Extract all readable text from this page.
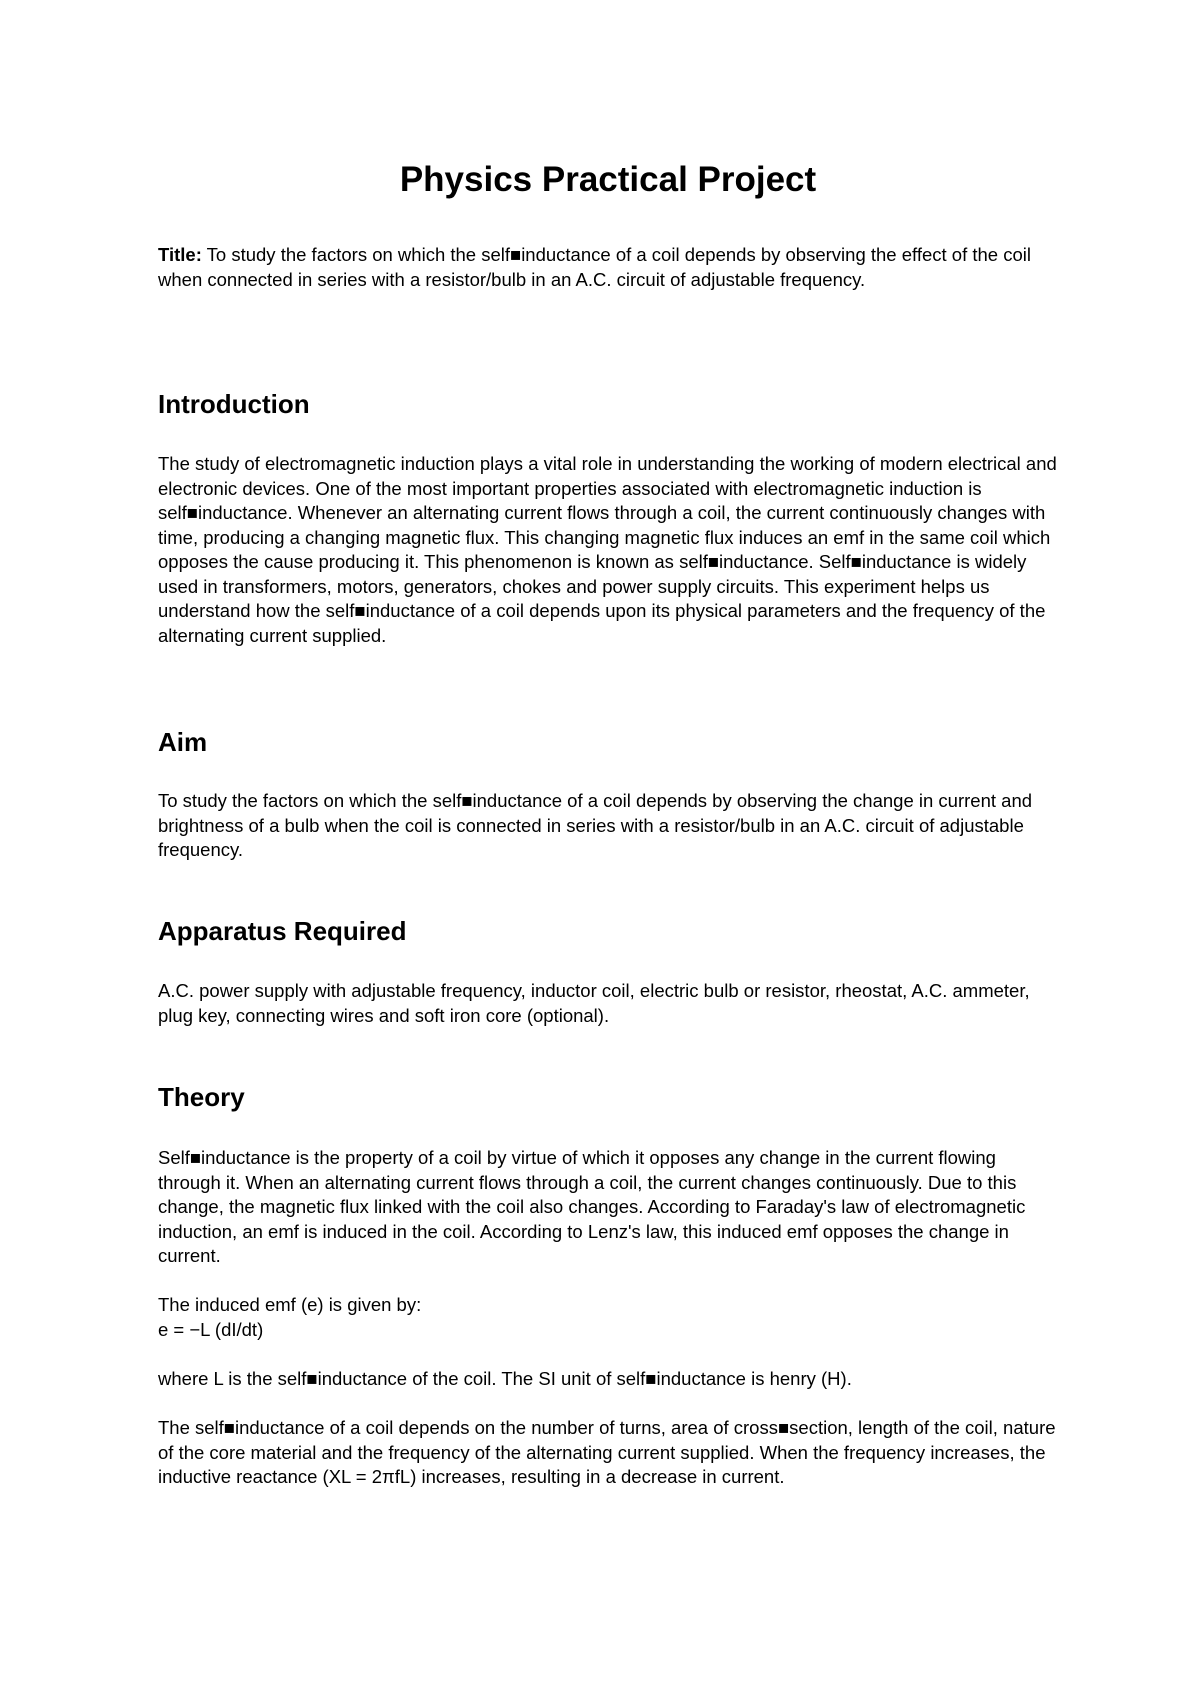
Physics Practical Project

Title: To study the factors on which the self■inductance of a coil depends by observing the effect of the coil when connected in series with a resistor/bulb in an A.C. circuit of adjustable frequency.

Introduction

The study of electromagnetic induction plays a vital role in understanding the working of modern electrical and electronic devices. One of the most important properties associated with electromagnetic induction is self■inductance. Whenever an alternating current flows through a coil, the current continuously changes with time, producing a changing magnetic flux. This changing magnetic flux induces an emf in the same coil which opposes the cause producing it. This phenomenon is known as self■inductance. Self■inductance is widely used in transformers, motors, generators, chokes and power supply circuits. This experiment helps us understand how the self■inductance of a coil depends upon its physical parameters and the frequency of the alternating current supplied.

Aim

To study the factors on which the self■inductance of a coil depends by observing the change in current and brightness of a bulb when the coil is connected in series with a resistor/bulb in an A.C. circuit of adjustable frequency.

Apparatus Required

A.C. power supply with adjustable frequency, inductor coil, electric bulb or resistor, rheostat, A.C. ammeter, plug key, connecting wires and soft iron core (optional).

Theory

Self■inductance is the property of a coil by virtue of which it opposes any change in the current flowing through it. When an alternating current flows through a coil, the current changes continuously. Due to this change, the magnetic flux linked with the coil also changes. According to Faraday's law of electromagnetic induction, an emf is induced in the coil. According to Lenz's law, this induced emf opposes the change in current.

The induced emf (e) is given by:

e = −L (dI/dt)

where L is the self■inductance of the coil. The SI unit of self■inductance is henry (H).

The self■inductance of a coil depends on the number of turns, area of cross■section, length of the coil, nature of the core material and the frequency of the alternating current supplied. When the frequency increases, the inductive reactance (XL = 2πfL) increases, resulting in a decrease in current.
